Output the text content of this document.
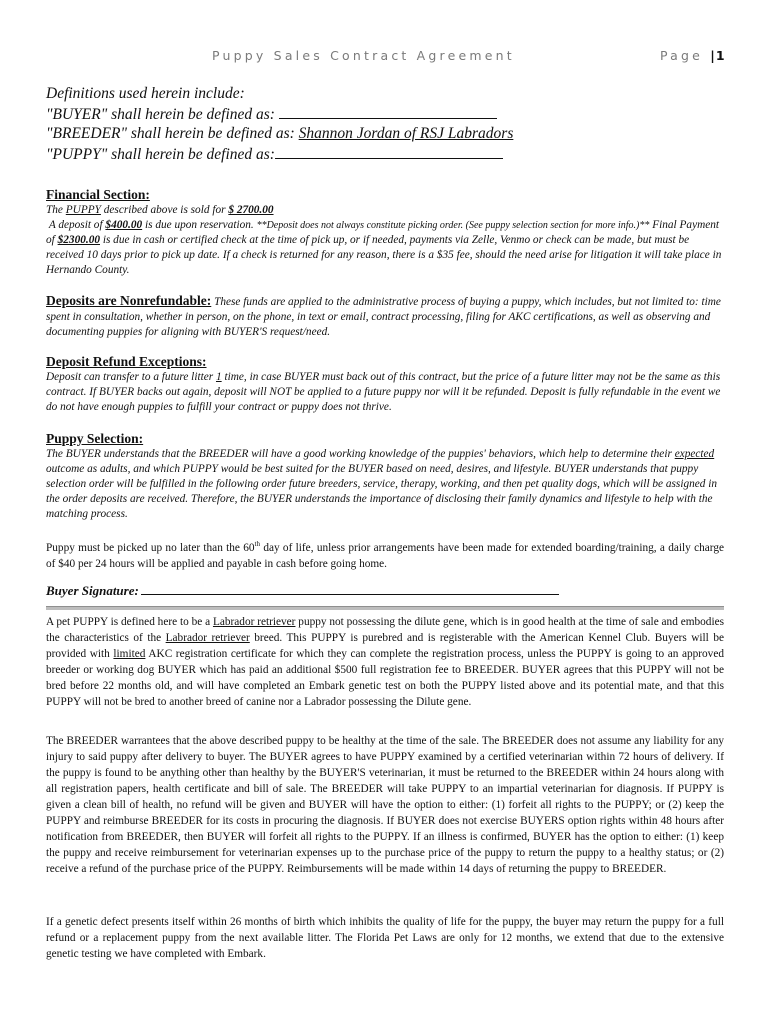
Puppy Sales Contract Agreement	Page |1
Definitions used herein include:
"BUYER" shall herein be defined as:
"BREEDER" shall herein be defined as: Shannon Jordan of RSJ Labradors
"PUPPY" shall herein be defined as:
Financial Section:
The PUPPY described above is sold for $ 2700.00
A deposit of $400.00 is due upon reservation. **Deposit does not always constitute picking order. (See puppy selection section for more info.)** Final Payment of $2300.00 is due in cash or certified check at the time of pick up, or if needed, payments via Zelle, Venmo or check can be made, but must be received 10 days prior to pick up date. If a check is returned for any reason, there is a $35 fee, should the need arise for litigation it will take place in Hernando County.
Deposits are Nonrefundable: These funds are applied to the administrative process of buying a puppy, which includes, but not limited to: time spent in consultation, whether in person, on the phone, in text or email, contract processing, filing for AKC certifications, as well as observing and documenting puppies for aligning with BUYER'S request/need.
Deposit Refund Exceptions:
Deposit can transfer to a future litter 1 time, in case BUYER must back out of this contract, but the price of a future litter may not be the same as this contract. If BUYER backs out again, deposit will NOT be applied to a future puppy nor will it be refunded. Deposit is fully refundable in the event we do not have enough puppies to fulfill your contract or puppy does not thrive.
Puppy Selection:
The BUYER understands that the BREEDER will have a good working knowledge of the puppies' behaviors, which help to determine their expected outcome as adults, and which PUPPY would be best suited for the BUYER based on need, desires, and lifestyle. BUYER understands that puppy selection order will be fulfilled in the following order future breeders, service, therapy, working, and then pet quality dogs, which will be assigned in the order deposits are received. Therefore, the BUYER understands the importance of disclosing their family dynamics and lifestyle to help with the matching process.
Puppy must be picked up no later than the 60th day of life, unless prior arrangements have been made for extended boarding/training, a daily charge of $40 per 24 hours will be applied and payable in cash before going home.
Buyer Signature:
A pet PUPPY is defined here to be a Labrador retriever puppy not possessing the dilute gene, which is in good health at the time of sale and embodies the characteristics of the Labrador retriever breed. This PUPPY is purebred and is registerable with the American Kennel Club. Buyers will be provided with limited AKC registration certificate for which they can complete the registration process, unless the PUPPY is going to an approved breeder or working dog BUYER which has paid an additional $500 full registration fee to BREEDER. BUYER agrees that this PUPPY will not be bred before 22 months old, and will have completed an Embark genetic test on both the PUPPY listed above and its potential mate, and that this PUPPY will not be bred to another breed of canine nor a Labrador possessing the Dilute gene.
The BREEDER warrantees that the above described puppy to be healthy at the time of the sale. The BREEDER does not assume any liability for any injury to said puppy after delivery to buyer. The BUYER agrees to have PUPPY examined by a certified veterinarian within 72 hours of delivery. If the puppy is found to be anything other than healthy by the BUYER'S veterinarian, it must be returned to the BREEDER within 24 hours along with all registration papers, health certificate and bill of sale. The BREEDER will take PUPPY to an impartial veterinarian for diagnosis. If PUPPY is given a clean bill of health, no refund will be given and BUYER will have the option to either: (1) forfeit all rights to the PUPPY; or (2) keep the PUPPY and reimburse BREEDER for its costs in procuring the diagnosis. If BUYER does not exercise BUYERS option rights within 48 hours after notification from BREEDER, then BUYER will forfeit all rights to the PUPPY. If an illness is confirmed, BUYER has the option to either: (1) keep the puppy and receive reimbursement for veterinarian expenses up to the purchase price of the puppy to return the puppy to a healthy status; or (2) receive a refund of the purchase price of the PUPPY. Reimbursements will be made within 14 days of returning the puppy to BREEDER.
If a genetic defect presents itself within 26 months of birth which inhibits the quality of life for the puppy, the buyer may return the puppy for a full refund or a replacement puppy from the next available litter. The Florida Pet Laws are only for 12 months, we extend that due to the extensive genetic testing we have completed with Embark.
